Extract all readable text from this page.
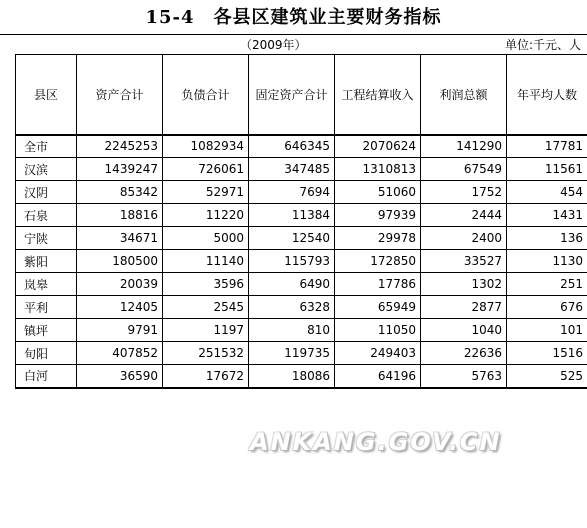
15-4　各县区建筑业主要财务指标
（2009年）	单位:千元、人
县区	资产合计	负债合计	固定资产合计	工程结算收入	利润总额	年平均人数
全市	2245253	1082934	646345	2070624	141290	17781
汉滨	1439247	726061	347485	1310813	67549	11561
汉阴	85342	52971	7694	51060	1752	454
石泉	18816	11220	11384	97939	2444	1431
宁陕	34671	5000	12540	29978	2400	136
紫阳	180500	11140	115793	172850	33527	1130
岚皋	20039	3596	6490	17786	1302	251
平利	12405	2545	6328	65949	2877	676
镇坪	9791	1197	810	11050	1040	101
旬阳	407852	251532	119735	249403	22636	1516
白河	36590	17672	18086	64196	5763	525
ANKANG.GOV.CN
